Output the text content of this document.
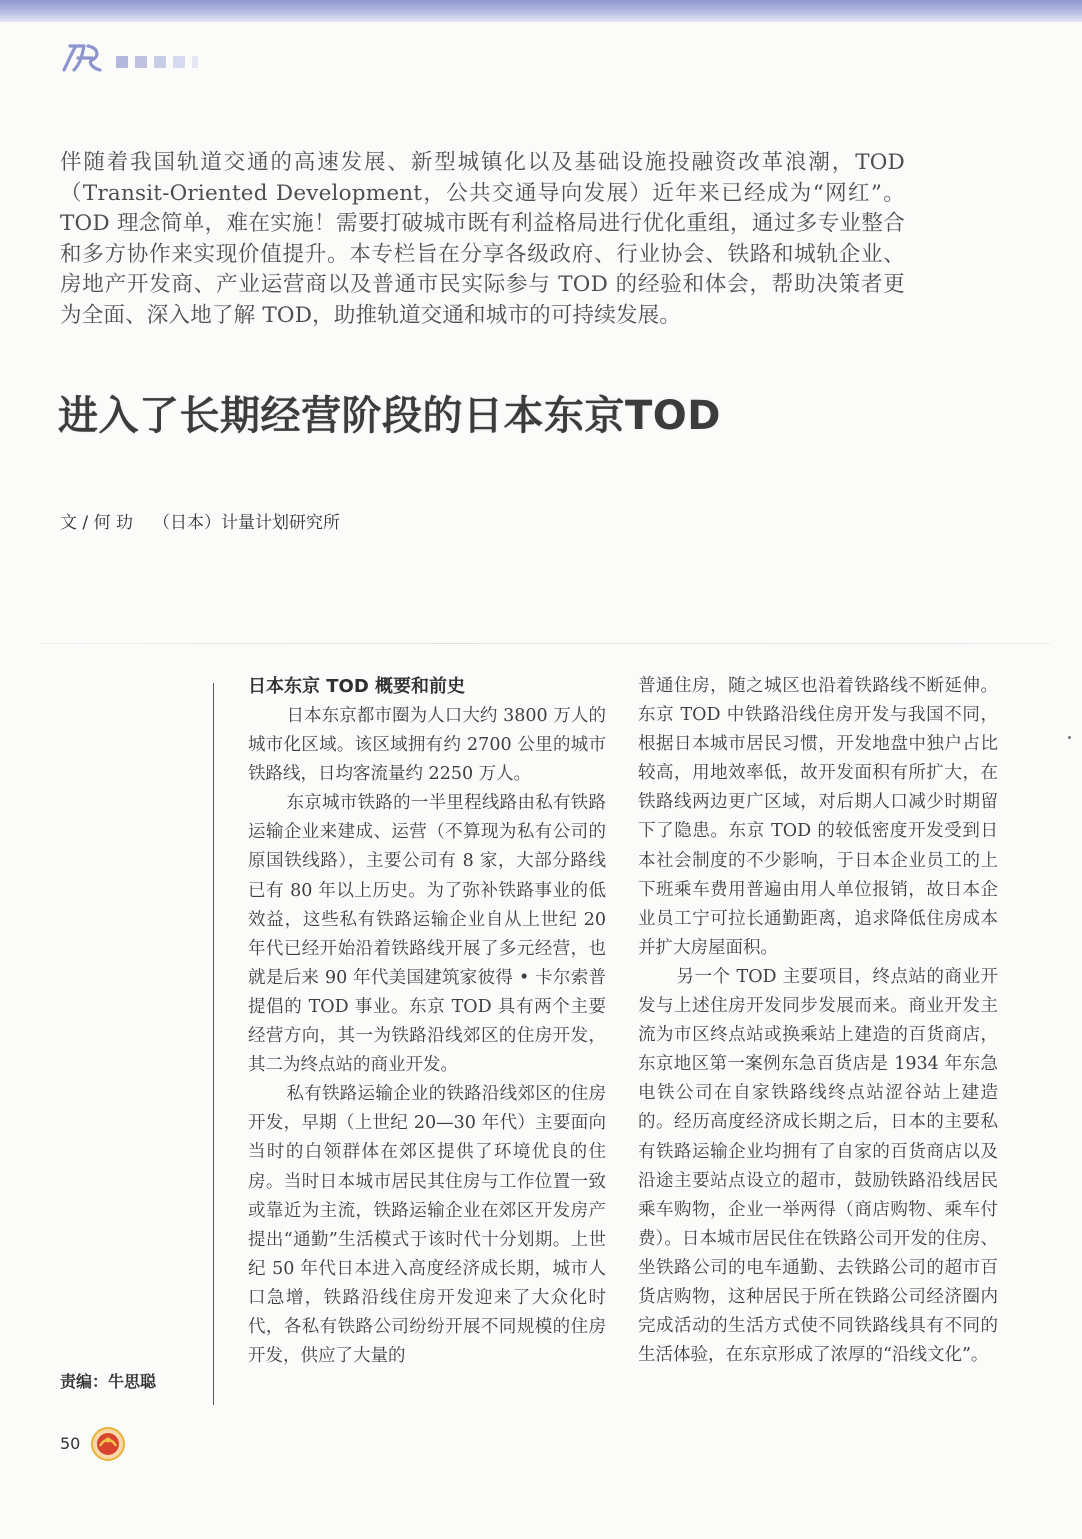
伴随着我国轨道交通的高速发展、新型城镇化以及基础设施投融资改革浪潮，TOD（Transit-Oriented Development，公共交通导向发展）近年来已经成为“网红”。TOD 理念简单，难在实施！需要打破城市既有利益格局进行优化重组，通过多专业整合和多方协作来实现价值提升。本专栏旨在分享各级政府、行业协会、铁路和城轨企业、房地产开发商、产业运营商以及普通市民实际参与 TOD 的经验和体会，帮助决策者更为全面、深入地了解 TOD，助推轨道交通和城市的可持续发展。

进入了长期经营阶段的日本东京TOD
文 / 何 玏 （日本）计量计划研究所
日本东京 TOD 概要和前史

日本东京都市圈为人口大约 3800 万人的城市化区域。该区域拥有约 2700 公里的城市铁路线，日均客流量约 2250 万人。

东京城市铁路的一半里程线路由私有铁路运输企业来建成、运营（不算现为私有公司的原国铁线路），主要公司有 8 家，大部分路线已有 80 年以上历史。为了弥补铁路事业的低效益，这些私有铁路运输企业自从上世纪 20 年代已经开始沿着铁路线开展了多元经营，也就是后来 90 年代美国建筑家彼得 • 卡尔索普提倡的 TOD 事业。东京 TOD 具有两个主要经营方向，其一为铁路沿线郊区的住房开发，其二为终点站的商业开发。

私有铁路运输企业的铁路沿线郊区的住房开发，早期（上世纪 20—30 年代）主要面向当时的白领群体在郊区提供了环境优良的住房。当时日本城市居民其住房与工作位置一致或靠近为主流，铁路运输企业在郊区开发房产提出“通勤”生活模式于该时代十分划期。上世纪 50 年代日本进入高度经济成长期，城市人口急增，铁路沿线住房开发迎来了大众化时代，各私有铁路公司纷纷开展不同规模的住房开发，供应了大量的

普通住房，随之城区也沿着铁路线不断延伸。东京 TOD 中铁路沿线住房开发与我国不同，根据日本城市居民习惯，开发地盘中独户占比较高，用地效率低，故开发面积有所扩大，在铁路线两边更广区域，对后期人口减少时期留下了隐患。东京 TOD 的较低密度开发受到日本社会制度的不少影响，于日本企业员工的上下班乘车费用普遍由用人单位报销，故日本企业员工宁可拉长通勤距离，追求降低住房成本并扩大房屋面积。

另一个 TOD 主要项目，终点站的商业开发与上述住房开发同步发展而来。商业开发主流为市区终点站或换乘站上建造的百货商店，东京地区第一案例东急百货店是 1934 年东急电铁公司在自家铁路线终点站涩谷站上建造的。经历高度经济成长期之后，日本的主要私有铁路运输企业均拥有了自家的百货商店以及沿途主要站点设立的超市，鼓励铁路沿线居民乘车购物，企业一举两得（商店购物、乘车付费）。日本城市居民住在铁路公司开发的住房、坐铁路公司的电车通勤、去铁路公司的超市百货店购物，这种居民于所在铁路公司经济圈内完成活动的生活方式使不同铁路线具有不同的生活体验，在东京形成了浓厚的“沿线文化”。

责编：牛思聪
50
